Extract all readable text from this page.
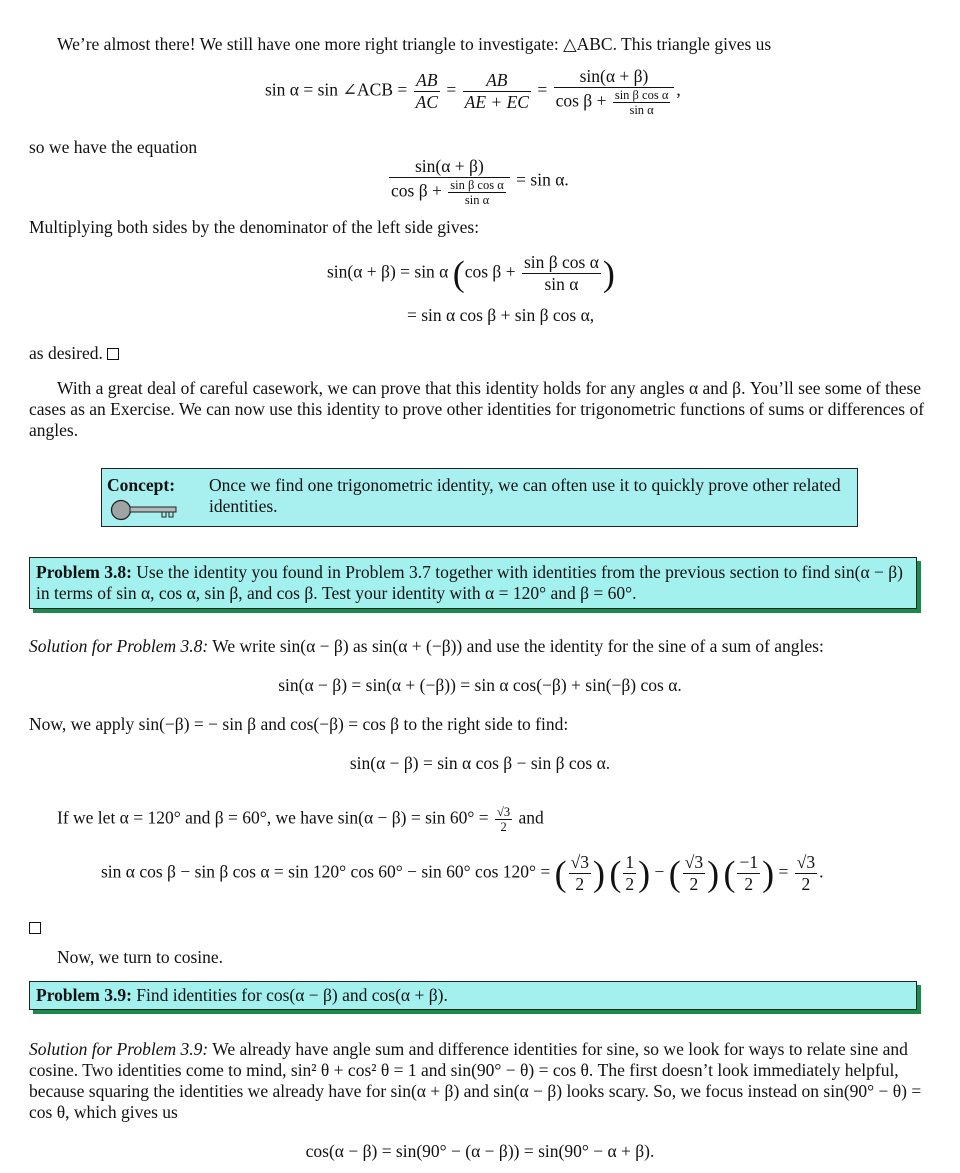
We’re almost there! We still have one more right triangle to investigate: △ABC. This triangle gives us
sin α = sin ∠ACB = $\frac{AB}{AC} = \frac{AB}{AE + EC} = \frac{\sin(\alpha + \beta)}{\cos \beta + \frac{\text{sin β cos α}}{\text{sin α}}}$ ,
so we have the equation
$\frac{\sin(\alpha + \beta)}{\cos \beta + \frac{\text{sin β cos α}}{\text{sin α}}} = \sin \alpha$.
Multiplying both sides by the denominator of the left side gives:
sin(α + β) = sin α (cos $\beta + \frac{\text{sin β cos α}}{\text{sin α}}$ )
= sin α cos β + sin β cos α,
as desired.
With a great deal of careful casework, we can prove that this identity holds for any angles α and β. You’ll see some of these cases as an Exercise. We can now use this identity to prove other identities for trigonometric functions of sums or differences of angles.
Concept: Once we find one trigonometric identity, we can often use it to quickly prove other related identities.
Problem 3.8: Use the identity you found in Problem 3.7 together with identities from the previous section to find sin(α − β) in terms of sin α, cos α, sin β, and cos β. Test your identity with α = 120° and β = 60°.
Solution for Problem 3.8: We write sin(α − β) as sin(α + (−β)) and use the identity for the sine of a sum of angles:
sin(α − β) = sin(α + (−β)) = sin α cos(−β) + sin(−β) cos α.
Now, we apply sin(−β) = − sin β and cos(−β) = cos β to the right side to find:
sin(α − β) = sin α cos β − sin β cos α.
If we let α = 120° and β = 60°, we have $\sin(\alpha - \beta) = \sin 60^\circ = \frac{√3}{2}$ and
sin α cos β − sin β cos α = sin 120° cos 60° − sin 60° cos 120° = ( $\frac{√3}{2}$ ) ( $\frac{1}{2}$ ) − ( $\frac{√3}{2}$ ) ( $\frac{-1}{2}$ ) = $\frac{√3}{2}$ .
Now, we turn to cosine.
Problem 3.9: Find identities for cos(α − β) and cos(α + β).
Solution for Problem 3.9: We already have angle sum and difference identities for sine, so we look for ways to relate sine and cosine. Two identities come to mind, sin² θ + cos² θ = 1 and sin(90° − θ) = cos θ. The first doesn’t look immediately helpful, because squaring the identities we already have for sin(α + β) and sin(α − β) looks scary. So, we focus instead on sin(90° − θ) = cos θ, which gives us
cos(α − β) = sin(90° − (α − β)) = sin(90° − α + β).
